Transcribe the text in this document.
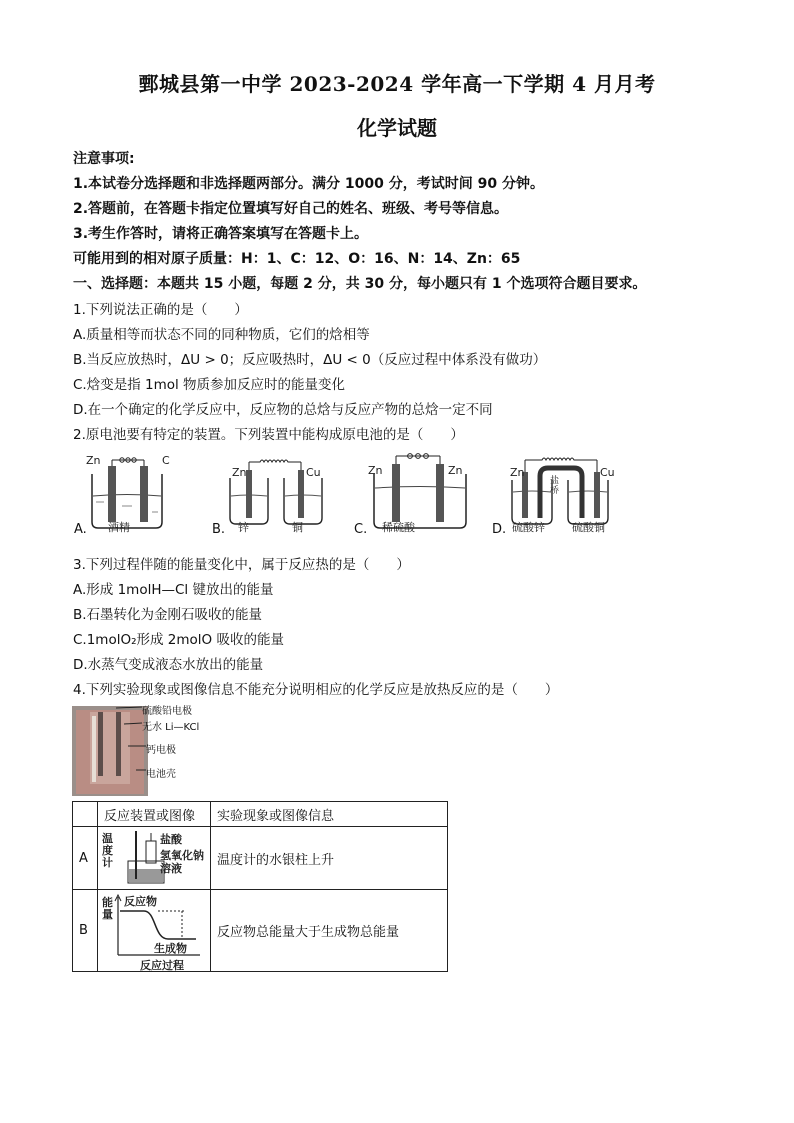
鄄城县第一中学 2023-2024 学年高一下学期 4 月月考
化学试题
注意事项:
1.本试卷分选择题和非选择题两部分。满分 1000 分，考试时间 90 分钟。
2.答题前，在答题卡指定位置填写好自己的姓名、班级、考号等信息。
3.考生作答时，请将正确答案填写在答题卡上。
可能用到的相对原子质量：H：1、C：12、O：16、N：14、Zn：65
一、选择题：本题共 15 小题，每题 2 分，共 30 分，每小题只有 1 个选项符合题目要求。
1.下列说法正确的是（　　）
A.质量相等而状态不同的同种物质，它们的焓相等
B.当反应放热时，ΔU > 0；反应吸热时，ΔU < 0（反应过程中体系没有做功）
C.焓变是指 1mol 物质参加反应时的能量变化
D.在一个确定的化学反应中，反应物的总焓与反应产物的总焓一定不同
2.原电池要有特定的装置。下列装置中能构成原电池的是（　　）
Zn	C
A. 酒精
Zn	Cu
B. 锌	铜
Zn	Zn
C. 稀硫酸
Zn	Cu
盐桥
D. 硫酸锌 硫酸铜
3.下列过程伴随的能量变化中，属于反应热的是（　　）
A.形成 1molH—Cl 键放出的能量
B.石墨转化为金刚石吸收的能量
C.1molO₂形成 2molO 吸收的能量
D.水蒸气变成液态水放出的能量
4.下列实验现象或图像信息不能充分说明相应的化学反应是放热反应的是（　　）
硫酸铅电极
无水 Li—KCl
钙电极
电池壳
	反应装置或图像	实验现象或图像信息
A	温度计
盐酸
氢氧化钠溶液	温度计的水银柱上升
B	能量
反应物
生成物
反应过程	反应物总能量大于生成物总能量
